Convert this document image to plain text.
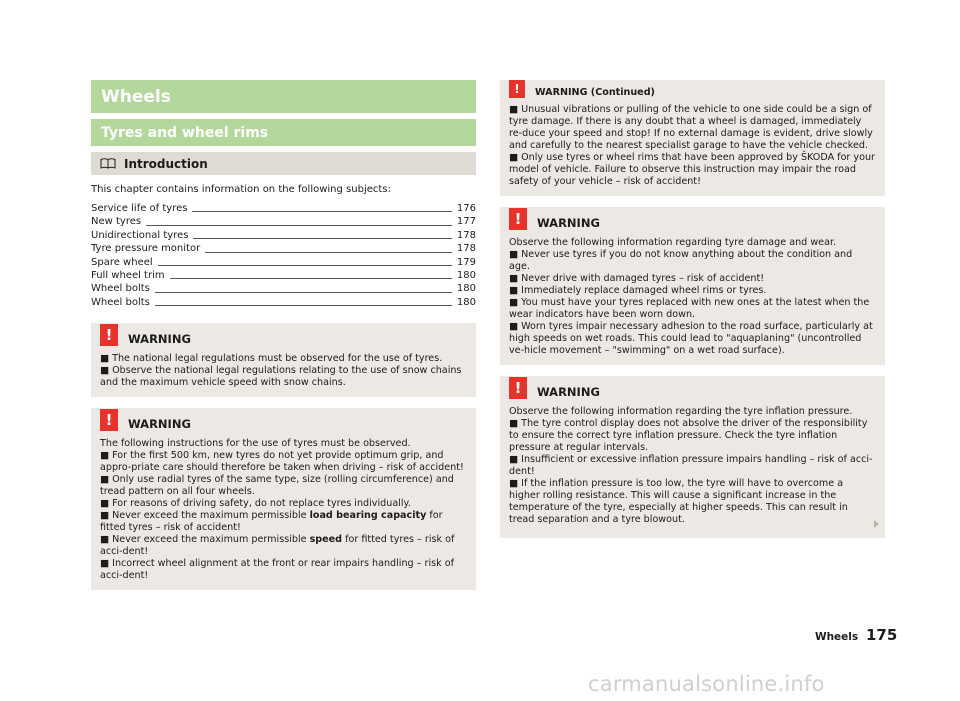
Wheels
Tyres and wheel rims
Introduction

This chapter contains information on the following subjects:

Service life of tyres	176
New tyres	177
Unidirectional tyres	178
Tyre pressure monitor	178
Spare wheel	179
Full wheel trim	180
Wheel bolts	180
Wheel bolts	180
!	WARNING

■ The national legal regulations must be observed for the use of tyres.

■ Observe the national legal regulations relating to the use of snow chains and the maximum vehicle speed with snow chains.

!	WARNING

The following instructions for the use of tyres must be observed.

■ For the first 500 km, new tyres do not yet provide optimum grip, and appro-priate care should therefore be taken when driving – risk of accident!

■ Only use radial tyres of the same type, size (rolling circumference) and tread pattern on all four wheels.

■ For reasons of driving safety, do not replace tyres individually.

■ Never exceed the maximum permissible load bearing capacity for fitted tyres – risk of accident!

■ Never exceed the maximum permissible speed for fitted tyres – risk of acci-dent!

■ Incorrect wheel alignment at the front or rear impairs handling – risk of acci-dent!

!	WARNING (Continued)

■ Unusual vibrations or pulling of the vehicle to one side could be a sign of tyre damage. If there is any doubt that a wheel is damaged, immediately re-duce your speed and stop! If no external damage is evident, drive slowly and carefully to the nearest specialist garage to have the vehicle checked.

■ Only use tyres or wheel rims that have been approved by ŠKODA for your model of vehicle. Failure to observe this instruction may impair the road safety of your vehicle – risk of accident!

!	WARNING

Observe the following information regarding tyre damage and wear.

■ Never use tyres if you do not know anything about the condition and age.

■ Never drive with damaged tyres – risk of accident!

■ Immediately replace damaged wheel rims or tyres.

■ You must have your tyres replaced with new ones at the latest when the wear indicators have been worn down.

■ Worn tyres impair necessary adhesion to the road surface, particularly at high speeds on wet roads. This could lead to "aquaplaning" (uncontrolled ve-hicle movement – "swimming" on a wet road surface).

!	WARNING

Observe the following information regarding the tyre inflation pressure.

■ The tyre control display does not absolve the driver of the responsibility to ensure the correct tyre inflation pressure. Check the tyre inflation pressure at regular intervals.

■ Insufficient or excessive inflation pressure impairs handling – risk of acci-dent!

■ If the inflation pressure is too low, the tyre will have to overcome a higher rolling resistance. This will cause a significant increase in the temperature of the tyre, especially at higher speeds. This can result in tread separation and a tyre blowout.

Wheels 175
carmanualsonline.info
